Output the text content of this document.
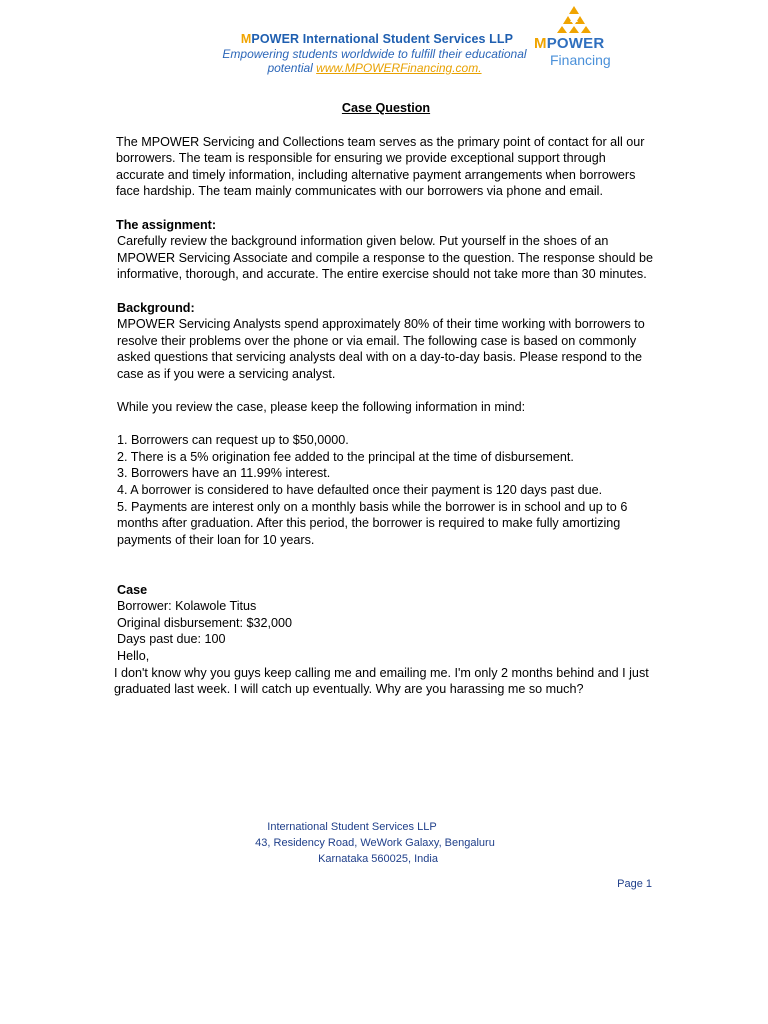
MPOWER International Student Services LLP
Empowering students worldwide to fulfill their educational potential www.MPOWERFinancing.com.
MPOWER
Financing
Case Question

The MPOWER Servicing and Collections team serves as the primary point of contact for all our borrowers. The team is responsible for ensuring we provide exceptional support through accurate and timely information, including alternative payment arrangements when borrowers face hardship. The team mainly communicates with our borrowers via phone and email.

The assignment:

Carefully review the background information given below. Put yourself in the shoes of an MPOWER Servicing Associate and compile a response to the question. The response should be informative, thorough, and accurate. The entire exercise should not take more than 30 minutes.

Background:

MPOWER Servicing Analysts spend approximately 80% of their time working with borrowers to resolve their problems over the phone or via email. The following case is based on commonly asked questions that servicing analysts deal with on a day-to-day basis. Please respond to the case as if you were a servicing analyst.

While you review the case, please keep the following information in mind:

1. Borrowers can request up to $50,0000.

2. There is a 5% origination fee added to the principal at the time of disbursement.

3. Borrowers have an 11.99% interest.

4. A borrower is considered to have defaulted once their payment is 120 days past due.

5. Payments are interest only on a monthly basis while the borrower is in school and up to 6 months after graduation. After this period, the borrower is required to make fully amortizing payments of their loan for 10 years.

Case

Borrower: Kolawole Titus

Original disbursement: $32,000

Days past due: 100

Hello,

I don't know why you guys keep calling me and emailing me. I'm only 2 months behind and I just graduated last week. I will catch up eventually. Why are you harassing me so much?

International Student Services LLP
43, Residency Road, WeWork Galaxy, Bengaluru
Karnataka 560025, India
Page 1
